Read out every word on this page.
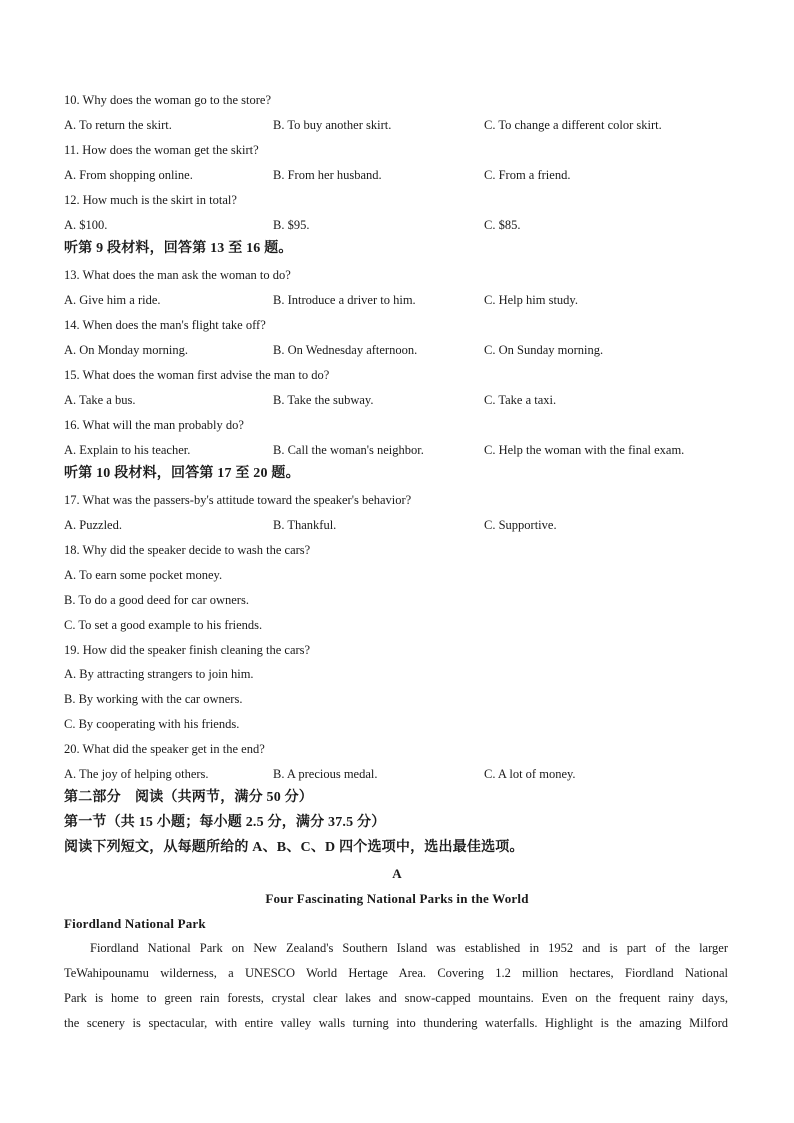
10. Why does the woman go to the store?
A. To return the skirt.	B. To buy another skirt.	C. To change a different color skirt.
11. How does the woman get the skirt?
A. From shopping online.	B. From her husband.	C. From a friend.
12. How much is the skirt in total?
A. $100.	B. $95.	C. $85.
听第 9 段材料，回答第 13 至 16 题。
13. What does the man ask the woman to do?
A. Give him a ride.	B. Introduce a driver to him.	C. Help him study.
14. When does the man's flight take off?
A. On Monday morning.	B. On Wednesday afternoon.	C. On Sunday morning.
15. What does the woman first advise the man to do?
A. Take a bus.	B. Take the subway.	C. Take a taxi.
16. What will the man probably do?
A. Explain to his teacher.	B. Call the woman's neighbor.	C. Help the woman with the final exam.
听第 10 段材料，回答第 17 至 20 题。
17. What was the passers-by's attitude toward the speaker's behavior?
A. Puzzled.	B. Thankful.	C. Supportive.
18. Why did the speaker decide to wash the cars?
A. To earn some pocket money.
B. To do a good deed for car owners.
C. To set a good example to his friends.
19. How did the speaker finish cleaning the cars?
A. By attracting strangers to join him.
B. By working with the car owners.
C. By cooperating with his friends.
20. What did the speaker get in the end?
A. The joy of helping others.	B. A precious medal.	C. A lot of money.
第二部分　阅读（共两节，满分 50 分）
第一节（共 15 小题；每小题 2.5 分，满分 37.5 分）
阅读下列短文，从每题所给的 A、B、C、D 四个选项中，选出最佳选项。
A
Four Fascinating National Parks in the World
Fiordland National Park
Fiordland National Park on New Zealand's Southern Island was established in 1952 and is part of the larger
TeWahipounamu wilderness, a UNESCO World Hertage Area. Covering 1.2 million hectares, Fiordland National
Park is home to green rain forests, crystal clear lakes and snow-capped mountains. Even on the frequent rainy days,
the scenery is spectacular, with entire valley walls turning into thundering waterfalls. Highlight is the amazing Milford
